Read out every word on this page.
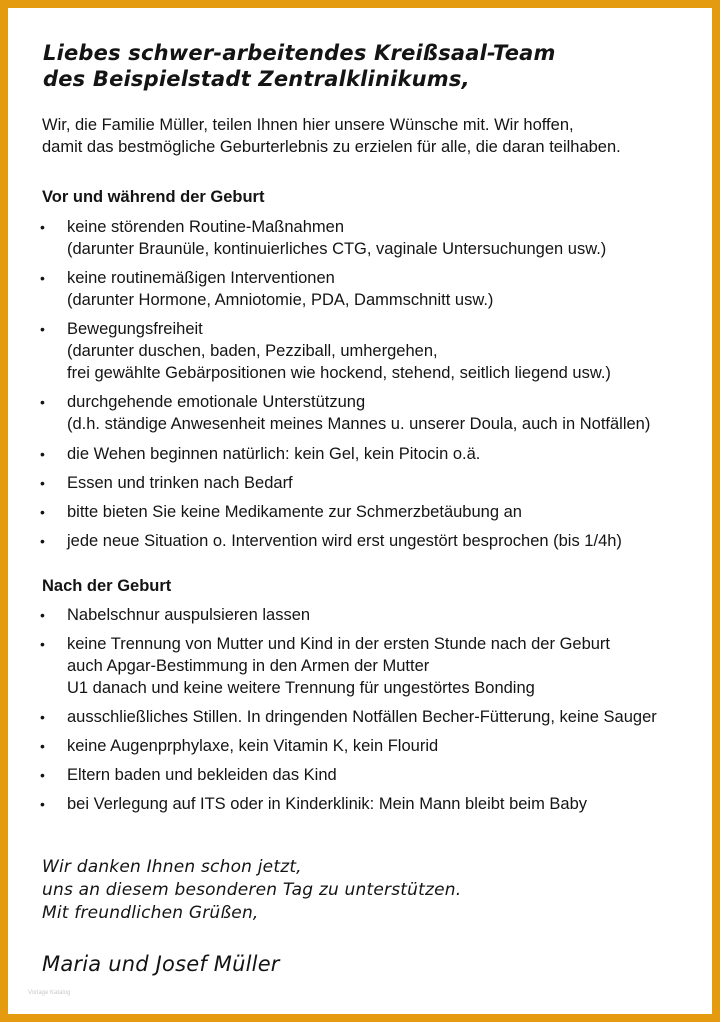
Liebes schwer-arbeitendes Kreißsaal-Team
des Beispielstadt Zentralklinikums,
Wir, die Familie Müller, teilen Ihnen hier unsere Wünsche mit. Wir hoffen,
damit das bestmögliche Geburterlebnis zu erzielen für alle, die daran teilhaben.
Vor und während der Geburt
• keine störenden Routine-Maßnahmen
(darunter Braunüle, kontinuierliches CTG, vaginale Untersuchungen usw.)
• keine routinemäßigen Interventionen
(darunter Hormone, Amniotomie, PDA, Dammschnitt usw.)
• Bewegungsfreiheit
(darunter duschen, baden, Pezziball, umhergehen,
frei gewählte Gebärpositionen wie hockend, stehend, seitlich liegend usw.)
• durchgehende emotionale Unterstützung
(d.h. ständige Anwesenheit meines Mannes u. unserer Doula, auch in Notfällen)
• die Wehen beginnen natürlich: kein Gel, kein Pitocin o.ä.
• Essen und trinken nach Bedarf
• bitte bieten Sie keine Medikamente zur Schmerzbetäubung an
• jede neue Situation o. Intervention wird erst ungestört besprochen (bis 1/4h)
Nach der Geburt
• Nabelschnur auspulsieren lassen
• keine Trennung von Mutter und Kind in der ersten Stunde nach der Geburt
auch Apgar-Bestimmung in den Armen der Mutter
U1 danach und keine weitere Trennung für ungestörtes Bonding
• ausschließliches Stillen. In dringenden Notfällen Becher-Fütterung, keine Sauger
• keine Augenprphylaxe, kein Vitamin K, kein Flourid
• Eltern baden und bekleiden das Kind
• bei Verlegung auf ITS oder in Kinderklinik: Mein Mann bleibt beim Baby
Wir danken Ihnen schon jetzt,
uns an diesem besonderen Tag zu unterstützen.
Mit freundlichen Grüßen,
Maria und Josef Müller
Vorlage Katalog
